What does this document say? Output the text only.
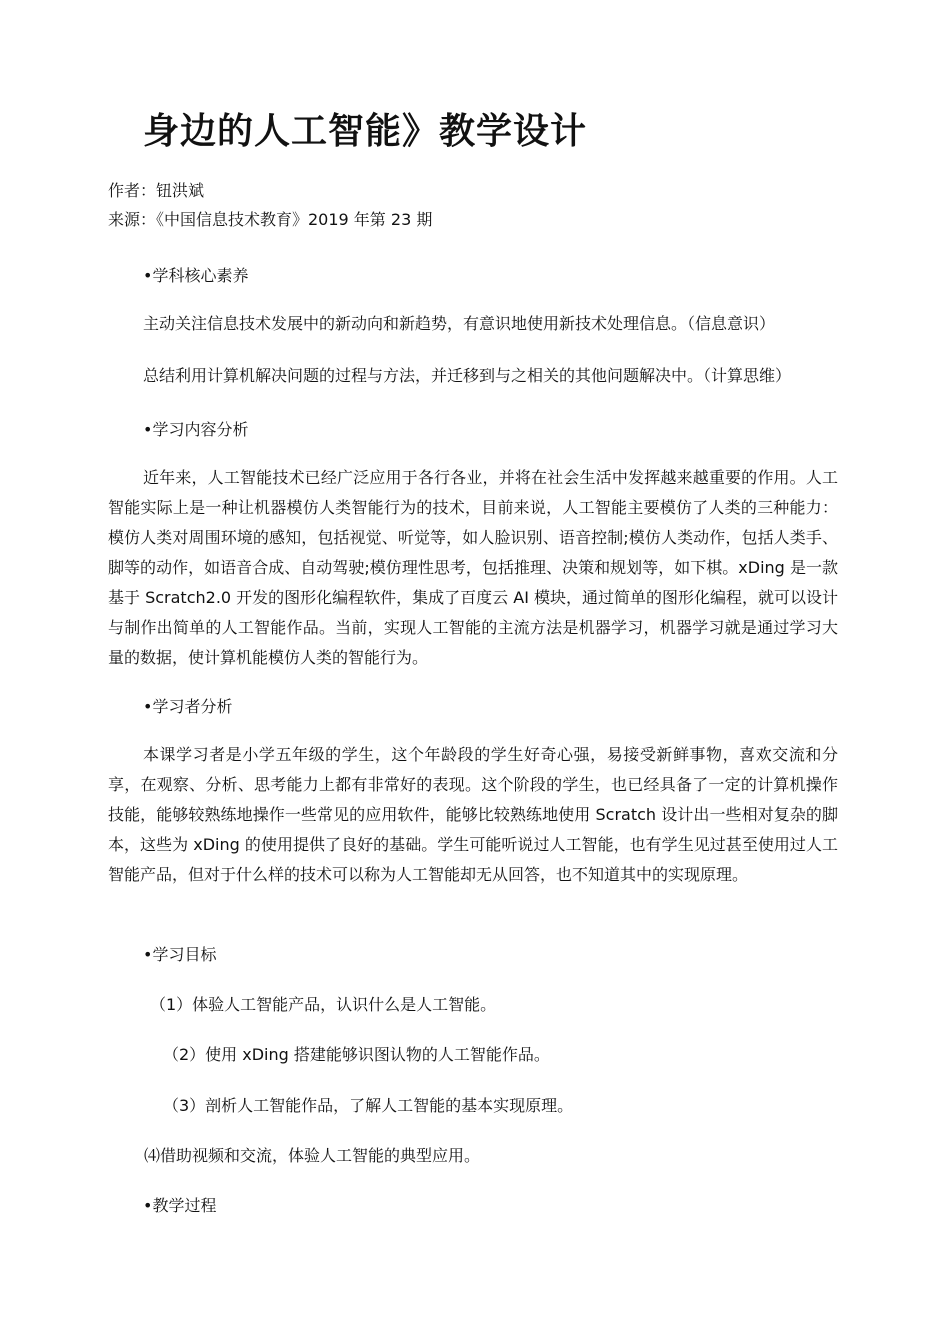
身边的人工智能》教学设计
作者：钮洪斌
来源：《中国信息技术教育》2019 年第 23 期
•学科核心素养
主动关注信息技术发展中的新动向和新趋势，有意识地使用新技术处理信息。（信息意识）
总结利用计算机解决问题的过程与方法，并迁移到与之相关的其他问题解决中。（计算思维）
•学习内容分析
近年来，人工智能技术已经广泛应用于各行各业，并将在社会生活中发挥越来越重要的作用。人工智能实际上是一种让机器模仿人类智能行为的技术，目前来说，人工智能主要模仿了人类的三种能力：模仿人类对周围环境的感知，包括视觉、听觉等，如人脸识别、语音控制;模仿人类动作，包括人类手、脚等的动作，如语音合成、自动驾驶;模仿理性思考，包括推理、决策和规划等，如下棋。xDing 是一款基于 Scratch2.0 开发的图形化编程软件，集成了百度云 AI 模块，通过简单的图形化编程，就可以设计与制作出简单的人工智能作品。当前，实现人工智能的主流方法是机器学习，机器学习就是通过学习大量的数据，使计算机能模仿人类的智能行为。
•学习者分析
本课学习者是小学五年级的学生，这个年龄段的学生好奇心强，易接受新鲜事物，喜欢交流和分享，在观察、分析、思考能力上都有非常好的表现。这个阶段的学生，也已经具备了一定的计算机操作技能，能够较熟练地操作一些常见的应用软件，能够比较熟练地使用 Scratch 设计出一些相对复杂的脚本，这些为 xDing 的使用提供了良好的基础。学生可能听说过人工智能，也有学生见过甚至使用过人工智能产品，但对于什么样的技术可以称为人工智能却无从回答，也不知道其中的实现原理。
•学习目标
（1）体验人工智能产品，认识什么是人工智能。
（2）使用 xDing 搭建能够识图认物的人工智能作品。
（3）剖析人工智能作品，了解人工智能的基本实现原理。
⑷借助视频和交流，体验人工智能的典型应用。
•教学过程
